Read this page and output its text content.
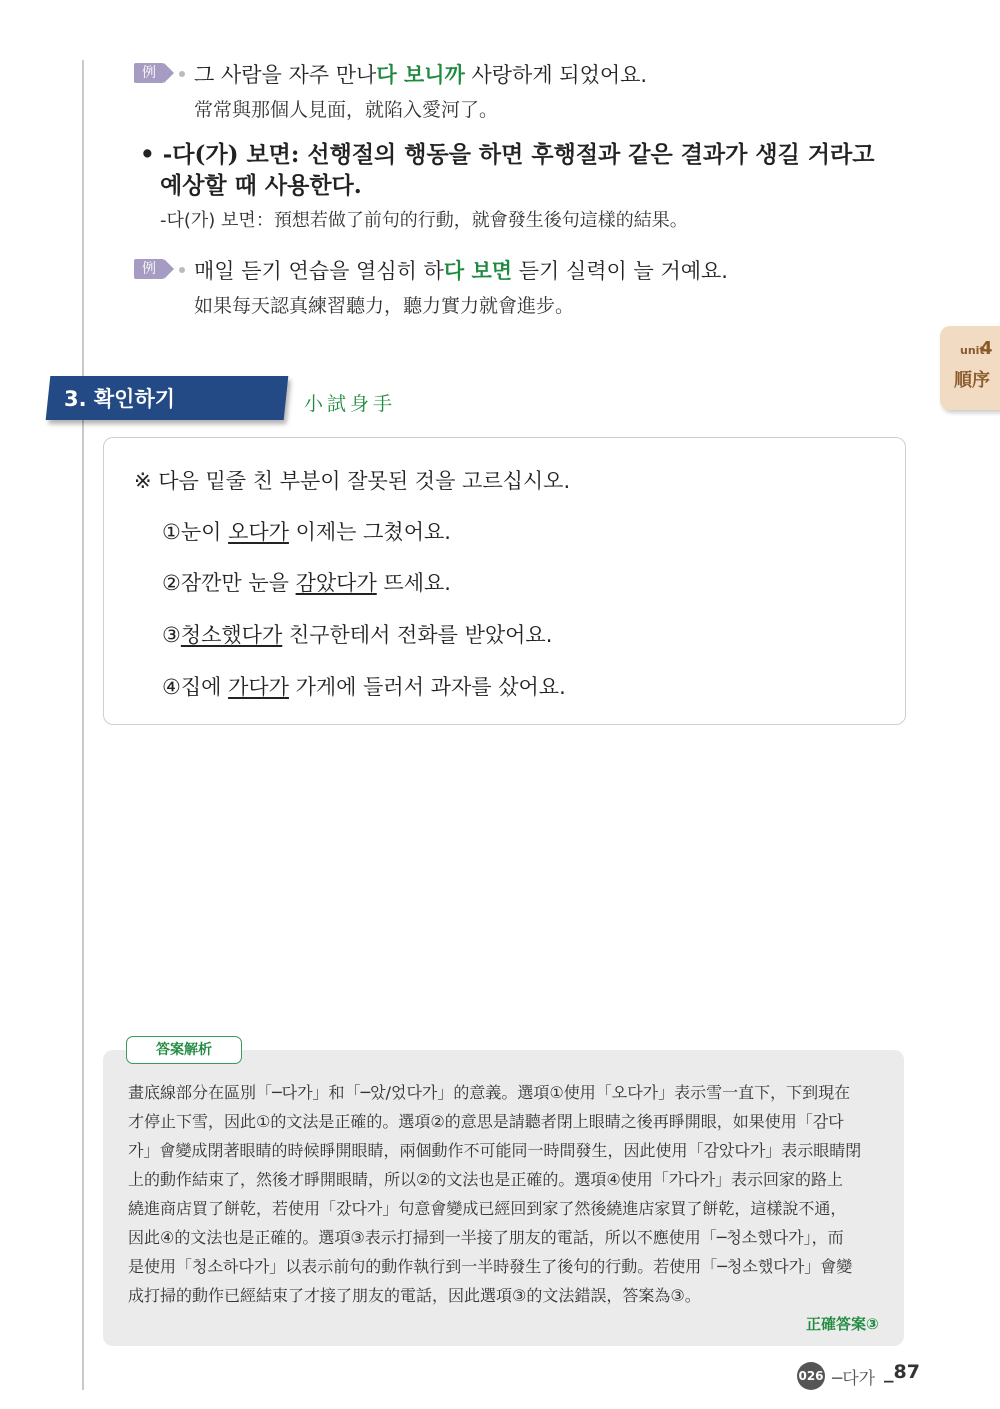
例	그 사람을 자주 만나다 보니까 사랑하게 되었어요.
常常與那個人見面，就陷入愛河了。
• -다(가) 보면: 선행절의 행동을 하면 후행절과 같은 결과가 생길 거라고
예상할 때 사용한다.
-다(가) 보면：預想若做了前句的行動，就會發生後句這樣的結果。
例	매일 듣기 연습을 열심히 하다 보면 듣기 실력이 늘 거예요.
如果每天認真練習聽力，聽力實力就會進步。
unit
4
順序
3. 확인하기	小試身手
※ 다음 밑줄 친 부분이 잘못된 것을 고르십시오.
①눈이 오다가 이제는 그쳤어요.
②잠깐만 눈을 감았다가 뜨세요.
③청소했다가 친구한테서 전화를 받았어요.
④집에 가다가 가게에 들러서 과자를 샀어요.
答案解析
畫底線部分在區別「─다가」和「─았/었다가」的意義。選項①使用「오다가」表示雪一直下，下到現在
才停止下雪，因此①的文法是正確的。選項②的意思是請聽者閉上眼睛之後再睜開眼，如果使用「감다
가」會變成閉著眼睛的時候睜開眼睛，兩個動作不可能同一時間發生，因此使用「감았다가」表示眼睛閉
上的動作結束了，然後才睜開眼睛，所以②的文法也是正確的。選項④使用「가다가」表示回家的路上
繞進商店買了餅乾，若使用「갔다가」句意會變成已經回到家了然後繞進店家買了餅乾，這樣說不通，
因此④的文法也是正確的。選項③表示打掃到一半接了朋友的電話，所以不應使用「─청소했다가」，而
是使用「청소하다가」以表示前句的動作執行到一半時發生了後句的行動。若使用「─청소했다가」會變
成打掃的動作已經結束了才接了朋友的電話，因此選項③的文法錯誤，答案為③。
正確答案③
026 ─다가 _87
